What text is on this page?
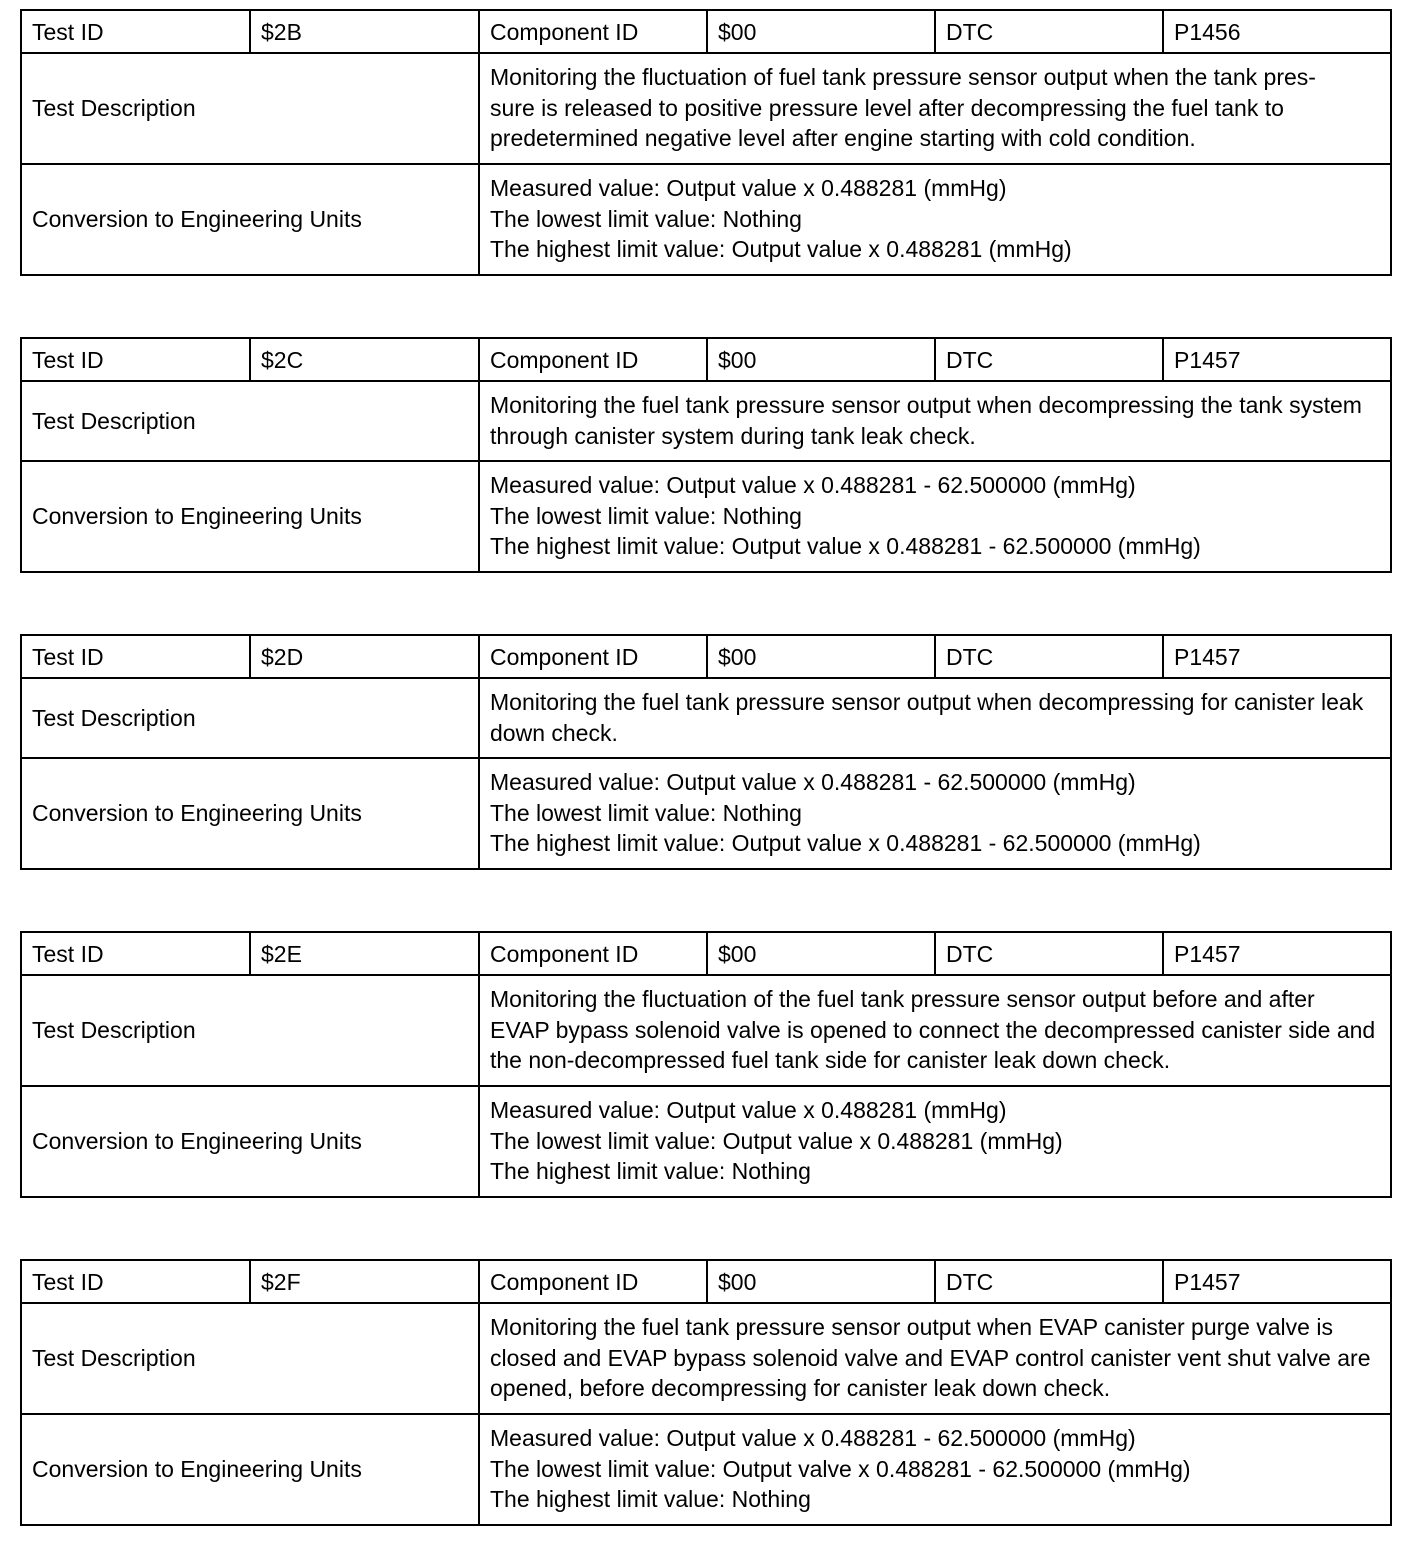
Test ID	$2B	Component ID	$00	DTC	P1456
Test Description		Monitoring the fluctuation of fuel tank pressure sensor output when the tank pres-
sure is released to positive pressure level after decompressing the fuel tank to
predetermined negative level after engine starting with cold condition.			

Conversion to Engineering Units		Measured value: Output value x 0.488281 (mmHg)
The lowest limit value: Nothing
The highest limit value: Output value x 0.488281 (mmHg)			
Test ID	$2C	Component ID	$00	DTC	P1457
Test Description		Monitoring the fuel tank pressure sensor output when decompressing the tank system through canister system during tank leak check.			

Conversion to Engineering Units		Measured value: Output value x 0.488281 - 62.500000 (mmHg)
The lowest limit value: Nothing
The highest limit value: Output value x 0.488281 - 62.500000 (mmHg)			
Test ID	$2D	Component ID	$00	DTC	P1457
Test Description		Monitoring the fuel tank pressure sensor output when decompressing for canister leak down check.			

Conversion to Engineering Units		Measured value: Output value x 0.488281 - 62.500000 (mmHg)
The lowest limit value: Nothing
The highest limit value: Output value x 0.488281 - 62.500000 (mmHg)			
Test ID	$2E	Component ID	$00	DTC	P1457
Test Description		Monitoring the fluctuation of the fuel tank pressure sensor output before and after EVAP bypass solenoid valve is opened to connect the decompressed canister side and the non-decompressed fuel tank side for canister leak down check.			

Conversion to Engineering Units		Measured value: Output value x 0.488281 (mmHg)
The lowest limit value: Output value x 0.488281 (mmHg)
The highest limit value: Nothing			
Test ID	$2F	Component ID	$00	DTC	P1457
Test Description		Monitoring the fuel tank pressure sensor output when EVAP canister purge valve is closed and EVAP bypass solenoid valve and EVAP control canister vent shut valve are opened, before decompressing for canister leak down check.			

Conversion to Engineering Units		Measured value: Output value x 0.488281 - 62.500000 (mmHg)
The lowest limit value: Output valve x 0.488281 - 62.500000 (mmHg)
The highest limit value: Nothing			
